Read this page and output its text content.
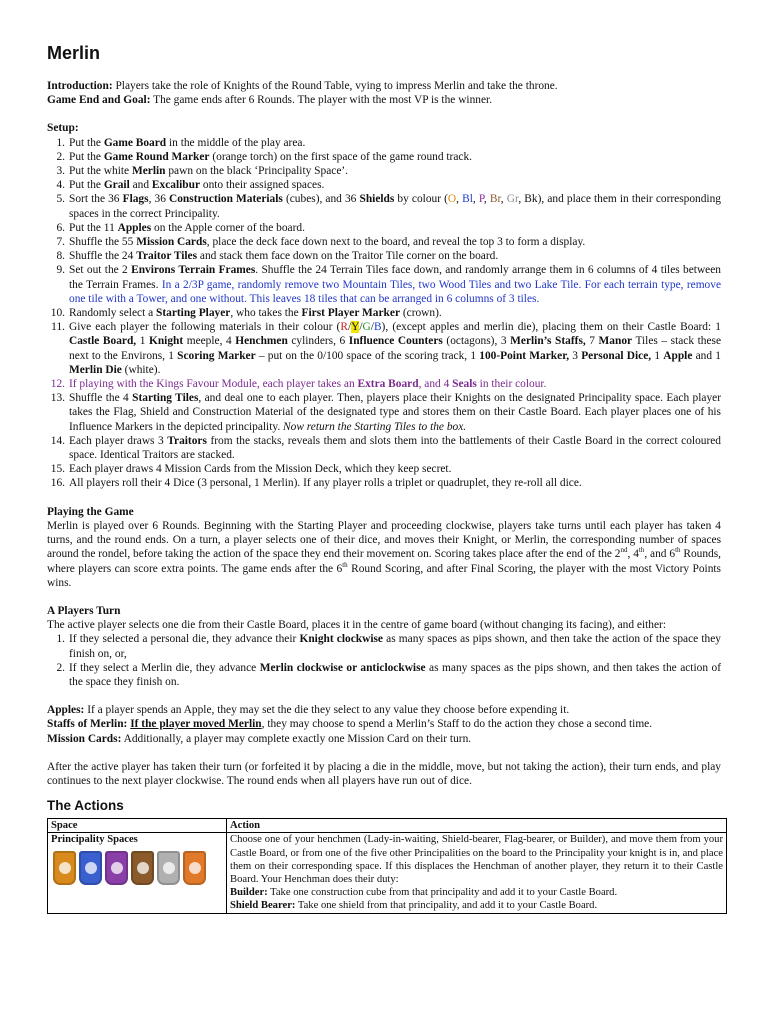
Merlin

Introduction: Players take the role of Knights of the Round Table, vying to impress Merlin and take the throne.

Game End and Goal: The game ends after 6 Rounds. The player with the most VP is the winner.

Setup:

1. Put the Game Board in the middle of the play area.
2. Put the Game Round Marker (orange torch) on the first space of the game round track.
3. Put the white Merlin pawn on the black ‘Principality Space’.
4. Put the Grail and Excalibur onto their assigned spaces.
5. Sort the 36 Flags, 36 Construction Materials (cubes), and 36 Shields by colour (O, Bl, P, Br, Gr, Bk), and place them in their corresponding spaces in the correct Principality.
6. Put the 11 Apples on the Apple corner of the board.
7. Shuffle the 55 Mission Cards, place the deck face down next to the board, and reveal the top 3 to form a display.
8. Shuffle the 24 Traitor Tiles and stack them face down on the Traitor Tile corner on the board.
9. Set out the 2 Environs Terrain Frames. Shuffle the 24 Terrain Tiles face down, and randomly arrange them in 6 columns of 4 tiles between the Terrain Frames. In a 2/3P game, randomly remove two Mountain Tiles, two Wood Tiles and two Lake Tile. For each terrain type, remove one tile with a Tower, and one without. This leaves 18 tiles that can be arranged in 6 columns of 3 tiles.
10. Randomly select a Starting Player, who takes the First Player Marker (crown).
11. Give each player the following materials in their colour (R/Y/G/B), (except apples and merlin die), placing them on their Castle Board: 1 Castle Board, 1 Knight meeple, 4 Henchmen cylinders, 6 Influence Counters (octagons), 3 Merlin’s Staffs, 7 Manor Tiles – stack these next to the Environs, 1 Scoring Marker – put on the 0/100 space of the scoring track, 1 100-Point Marker, 3 Personal Dice, 1 Apple and 1 Merlin Die (white).
12. If playing with the Kings Favour Module, each player takes an Extra Board, and 4 Seals in their colour.
13. Shuffle the 4 Starting Tiles, and deal one to each player. Then, players place their Knights on the designated Principality space. Each player takes the Flag, Shield and Construction Material of the designated type and stores them on their Castle Board. Each player places one of his Influence Markers in the depicted principality. Now return the Starting Tiles to the box.
14. Each player draws 3 Traitors from the stacks, reveals them and slots them into the battlements of their Castle Board in the correct coloured space. Identical Traitors are stacked.
15. Each player draws 4 Mission Cards from the Mission Deck, which they keep secret.
16. All players roll their 4 Dice (3 personal, 1 Merlin). If any player rolls a triplet or quadruplet, they re-roll all dice.

Playing the Game

Merlin is played over 6 Rounds. Beginning with the Starting Player and proceeding clockwise, players take turns until each player has taken 4 turns, and the round ends. On a turn, a player selects one of their dice, and moves their Knight, or Merlin, the corresponding number of spaces around the rondel, before taking the action of the space they end their movement on. Scoring takes place after the end of the 2nd, 4th, and 6th Rounds, where players can score extra points. The game ends after the 6th Round Scoring, and after Final Scoring, the player with the most Victory Points wins.

A Players Turn

The active player selects one die from their Castle Board, places it in the centre of game board (without changing its facing), and either:

1. If they selected a personal die, they advance their Knight clockwise as many spaces as pips shown, and then take the action of the space they finish on, or,
2. If they select a Merlin die, they advance Merlin clockwise or anticlockwise as many spaces as the pips shown, and then takes the action of the space they finish on.

Apples: If a player spends an Apple, they may set the die they select to any value they choose before expending it.

Staffs of Merlin: If the player moved Merlin, they may choose to spend a Merlin’s Staff to do the action they chose a second time.

Mission Cards: Additionally, a player may complete exactly one Mission Card on their turn.

After the active player has taken their turn (or forfeited it by placing a die in the middle, move, but not taking the action), their turn ends, and play continues to the next player clockwise. The round ends when all players have run out of dice.

The Actions
Space	Action
Principality Spaces	Choose one of your henchmen (Lady-in-waiting, Shield-bearer, Flag-bearer, or Builder), and move them from your Castle Board, or from one of the five other Principalities on the board to the Principality your knight is in, and place them on their corresponding space. If this displaces the Henchman of another player, they return it to their Castle Board. Your Henchman does their duty:
Builder: Take one construction cube from that principality and add it to your Castle Board.
Shield Bearer: Take one shield from that principality, and add it to your Castle Board.
